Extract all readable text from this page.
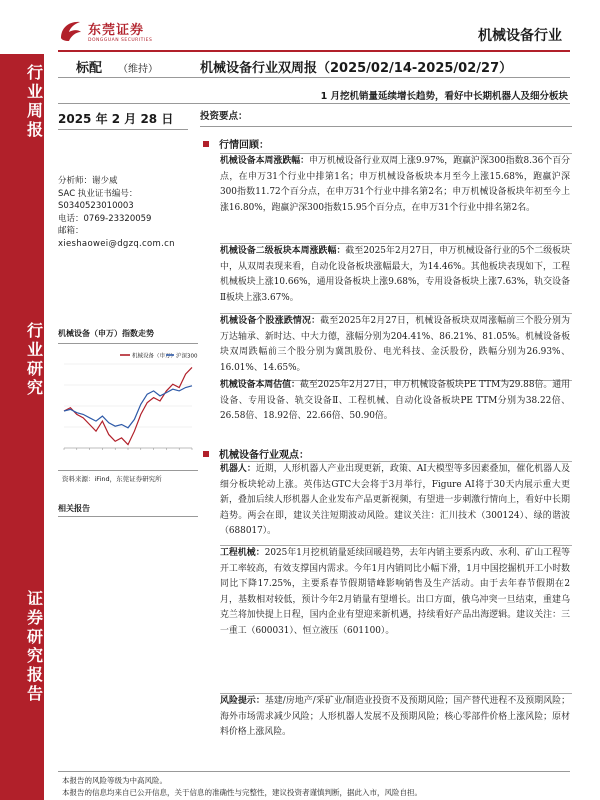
东莞证券
DONGGUAN SECURITIES	机械设备行业
行业周报
行业研究
证券研究报告
标配 （维持）	机械设备行业双周报（2025/02/14-2025/02/27）
1 月挖机销量延续增长趋势，看好中长期机器人及细分板块
2025 年 2 月 28 日
分析师：谢少威
SAC 执业证书编号：
S0340523010003
电话：0769-23320059
邮箱：
xieshaowei@dgzq.com.cn
机械设备（申万）指数走势
机械设备（申万） 沪深300
资料来源：iFind，东莞证券研究所
相关报告
投资要点：
行情回顾：
机械设备本周涨跌幅：申万机械设备行业双周上涨9.97%，跑赢沪深300指数8.36个百分点，在申万31个行业中排第1名；申万机械设备板块本月至今上涨15.68%，跑赢沪深300指数11.72个百分点，在申万31个行业中排名第2名；申万机械设备板块年初至今上涨16.80%，跑赢沪深300指数15.95个百分点，在申万31个行业中排名第2名。
机械设备二级板块本周涨跌幅：截至2025年2月27日，申万机械设备行业的5个二级板块中，从双周表现来看，自动化设备板块涨幅最大，为14.46%。其他板块表现如下，工程机械板块上涨10.66%，通用设备板块上涨9.68%，专用设备板块上涨7.63%，轨交设备Ⅱ板块上涨3.67%。
机械设备个股涨跌情况：截至2025年2月27日，机械设备板块双周涨幅前三个股分别为万达轴承、新时达、中大力德，涨幅分别为204.41%、86.21%、81.05%。机械设备板块双周跌幅前三个股分别为冀凯股份、电光科技、金沃股份，跌幅分别为26.93%、16.01%、14.65%。
机械设备本周估值：截至2025年2月27日，申万机械设备板块PE TTM为29.88倍。通用设备、专用设备、轨交设备Ⅱ、工程机械、自动化设备板块PE TTM分别为38.22倍、26.58倍、18.92倍、22.66倍、50.90倍。
机械设备行业观点：
机器人：近期，人形机器人产业出现更新，政策、AI大模型等多因素叠加，催化机器人及细分板块轮动上涨。英伟达GTC大会将于3月举行，Figure AI将于30天内展示重大更新，叠加后续人形机器人企业发布产品更新视频，有望进一步刺激行情向上，看好中长期趋势。两会在即，建议关注短期波动风险。建议关注：汇川技术（300124）、绿的谐波（688017）。
工程机械：2025年1月挖机销量延续回暖趋势，去年内销主要系内政、水利、矿山工程等开工率较高，有效支撑国内需求。今年1月内销同比小幅下滑，1月中国挖掘机开工小时数同比下降17.25%，主要系春节假期错峰影响销售及生产活动。由于去年春节假期在2月，基数相对较低，预计今年2月销量有望增长。出口方面，俄乌冲突一旦结束，重建乌克兰将加快提上日程，国内企业有望迎来新机遇，持续看好产品出海逻辑。建议关注：三一重工（600031）、恒立液压（601100）。
风险提示：基建/房地产/采矿业/制造业投资不及预期风险；国产替代进程不及预期风险；海外市场需求减少风险；人形机器人发展不及预期风险；核心零部件价格上涨风险；原材料价格上涨风险。
本报告的风险等级为中高风险。
本报告的信息均来自已公开信息，关于信息的准确性与完整性，建议投资者谨慎判断，据此入市，风险自担。
